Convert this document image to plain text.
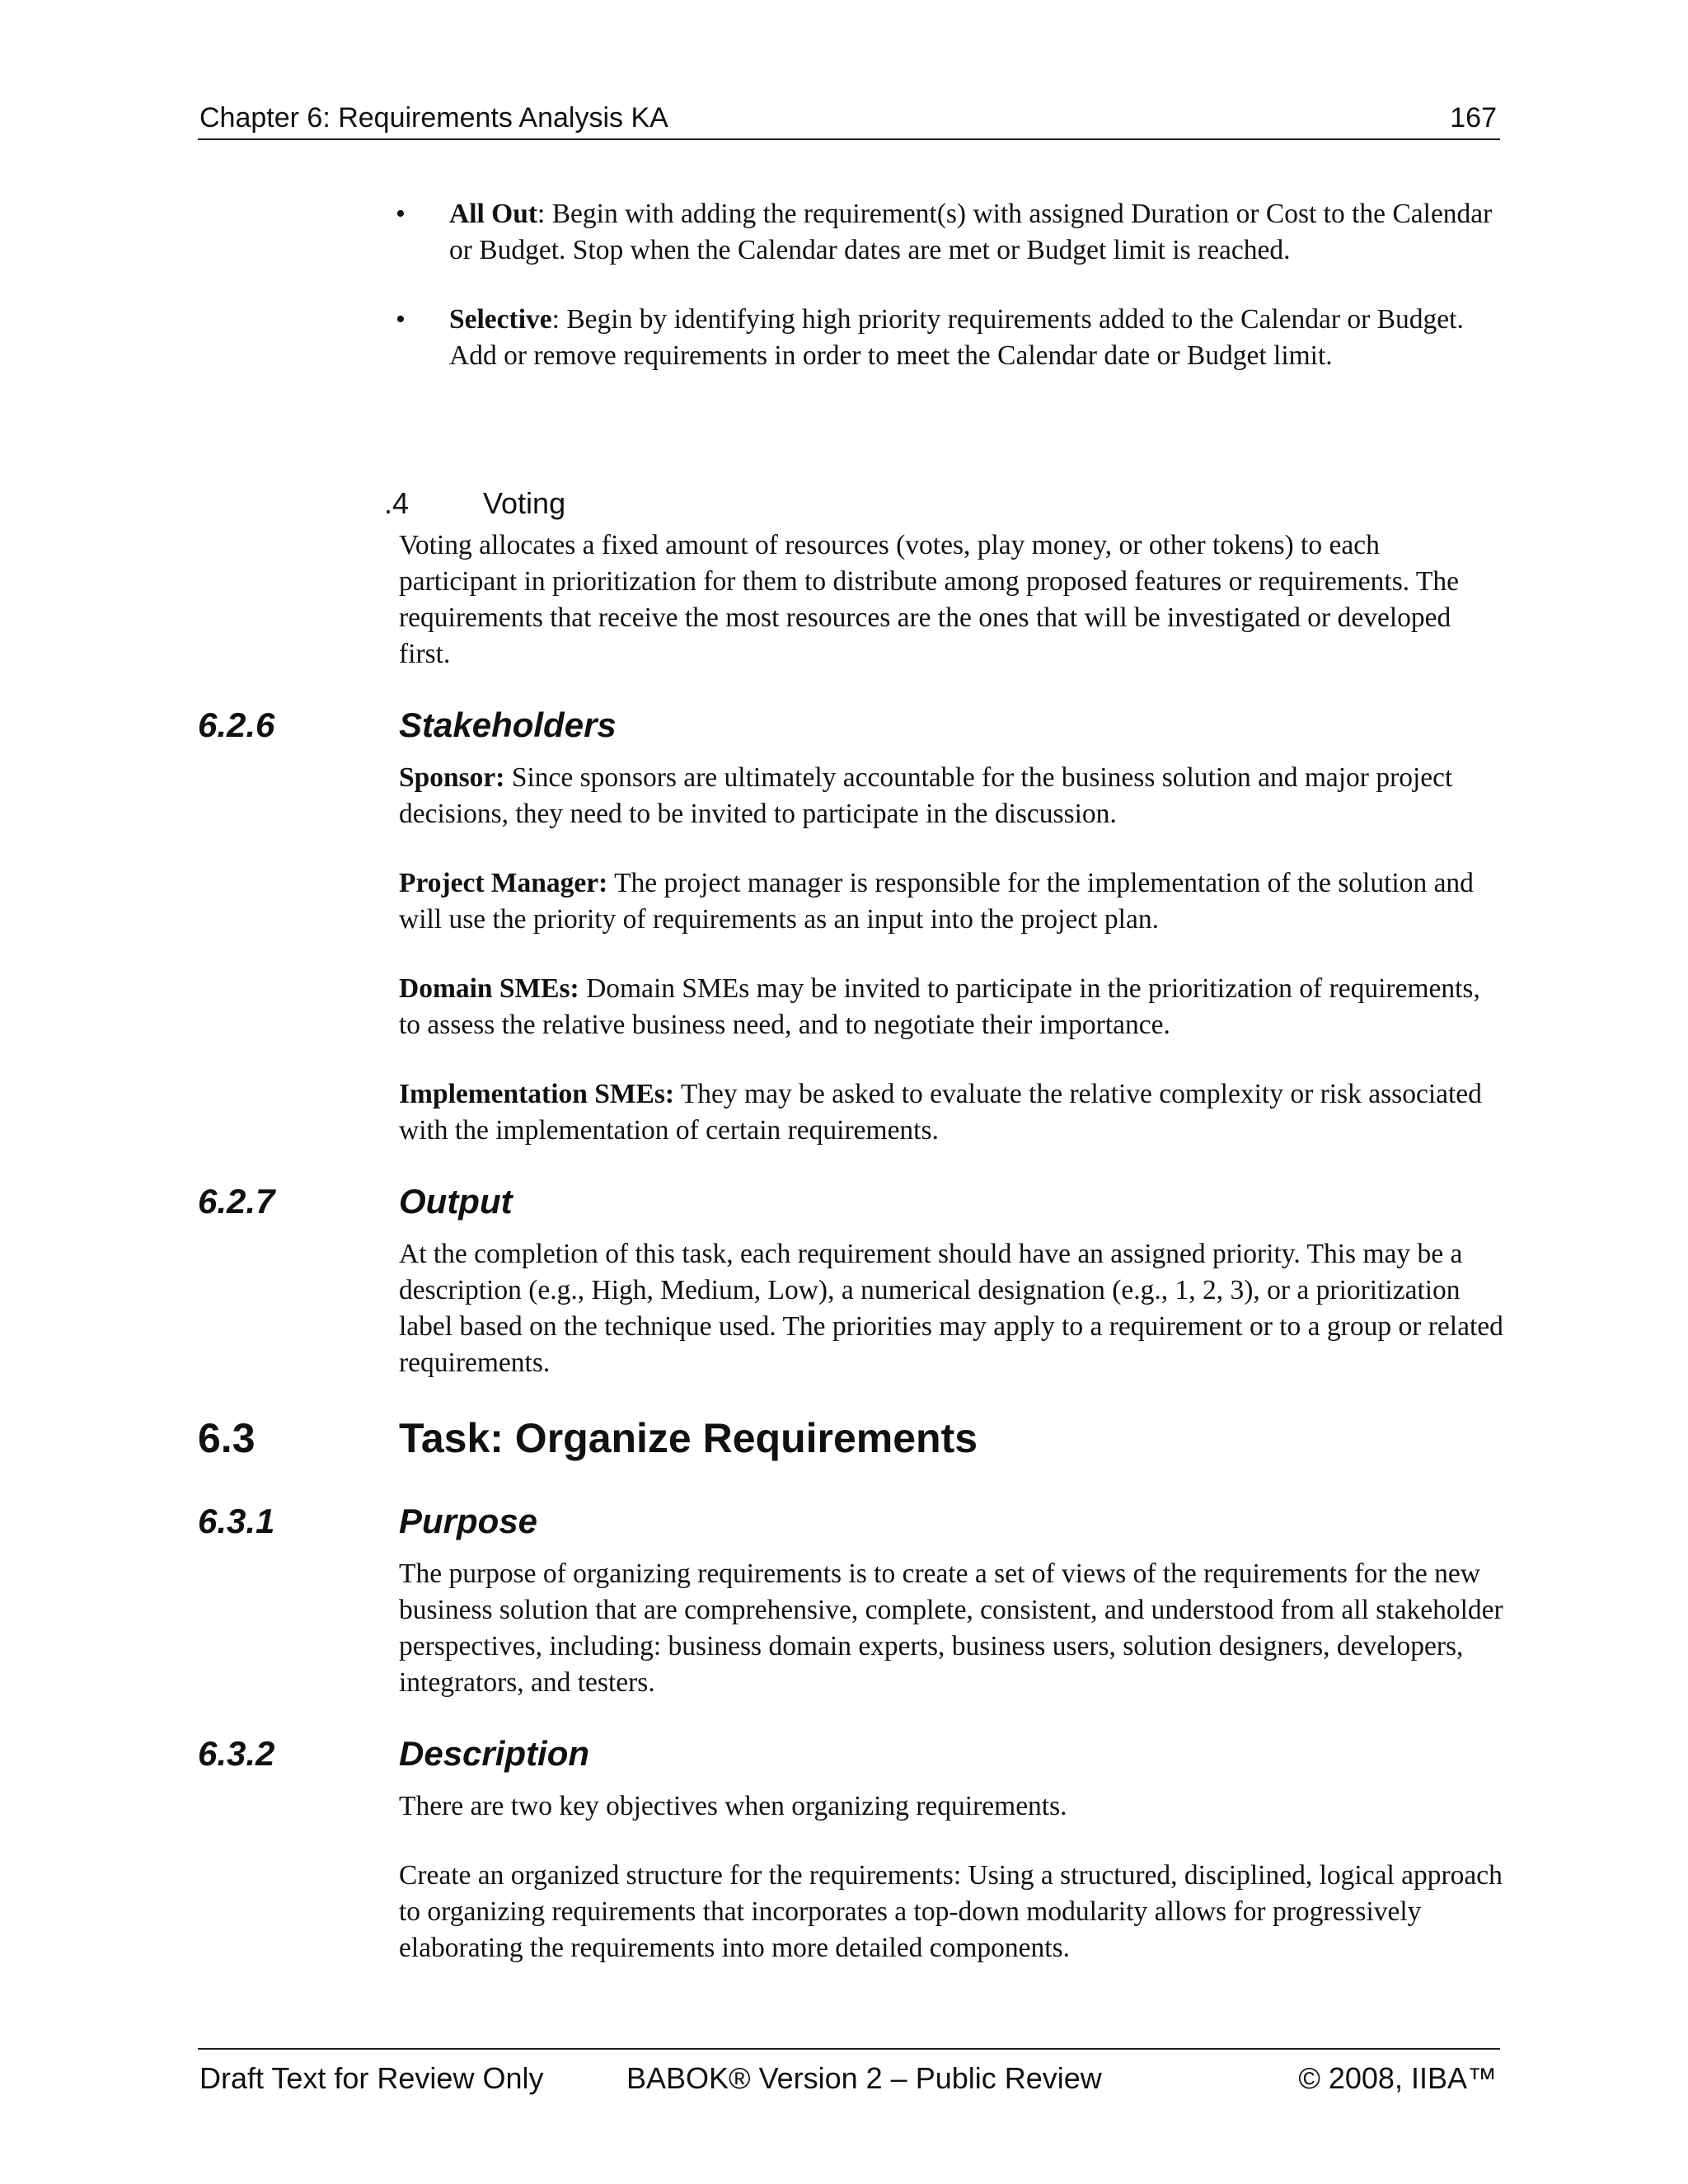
Chapter 6: Requirements Analysis KA	167
• All Out: Begin with adding the requirement(s) with assigned Duration or Cost to the Calendar or Budget. Stop when the Calendar dates are met or Budget limit is reached.
• Selective: Begin by identifying high priority requirements added to the Calendar or Budget. Add or remove requirements in order to meet the Calendar date or Budget limit.
.4 Voting

Voting allocates a fixed amount of resources (votes, play money, or other tokens) to each participant in prioritization for them to distribute among proposed features or requirements. The requirements that receive the most resources are the ones that will be investigated or developed first.

6.2.6	Stakeholders

Sponsor: Since sponsors are ultimately accountable for the business solution and major project decisions, they need to be invited to participate in the discussion.

Project Manager: The project manager is responsible for the implementation of the solution and will use the priority of requirements as an input into the project plan.

Domain SMEs: Domain SMEs may be invited to participate in the prioritization of requirements, to assess the relative business need, and to negotiate their importance.

Implementation SMEs: They may be asked to evaluate the relative complexity or risk associated with the implementation of certain requirements.

6.2.7	Output

At the completion of this task, each requirement should have an assigned priority. This may be a description (e.g., High, Medium, Low), a numerical designation (e.g., 1, 2, 3), or a prioritization label based on the technique used. The priorities may apply to a requirement or to a group or related requirements.

6.3	Task: Organize Requirements
6.3.1	Purpose

The purpose of organizing requirements is to create a set of views of the requirements for the new business solution that are comprehensive, complete, consistent, and understood from all stakeholder perspectives, including: business domain experts, business users, solution designers, developers, integrators, and testers.

6.3.2	Description

There are two key objectives when organizing requirements.

Create an organized structure for the requirements: Using a structured, disciplined, logical approach to organizing requirements that incorporates a top-down modularity allows for progressively elaborating the requirements into more detailed components.

Draft Text for Review Only	BABOK® Version 2 – Public Review	© 2008, IIBA™
